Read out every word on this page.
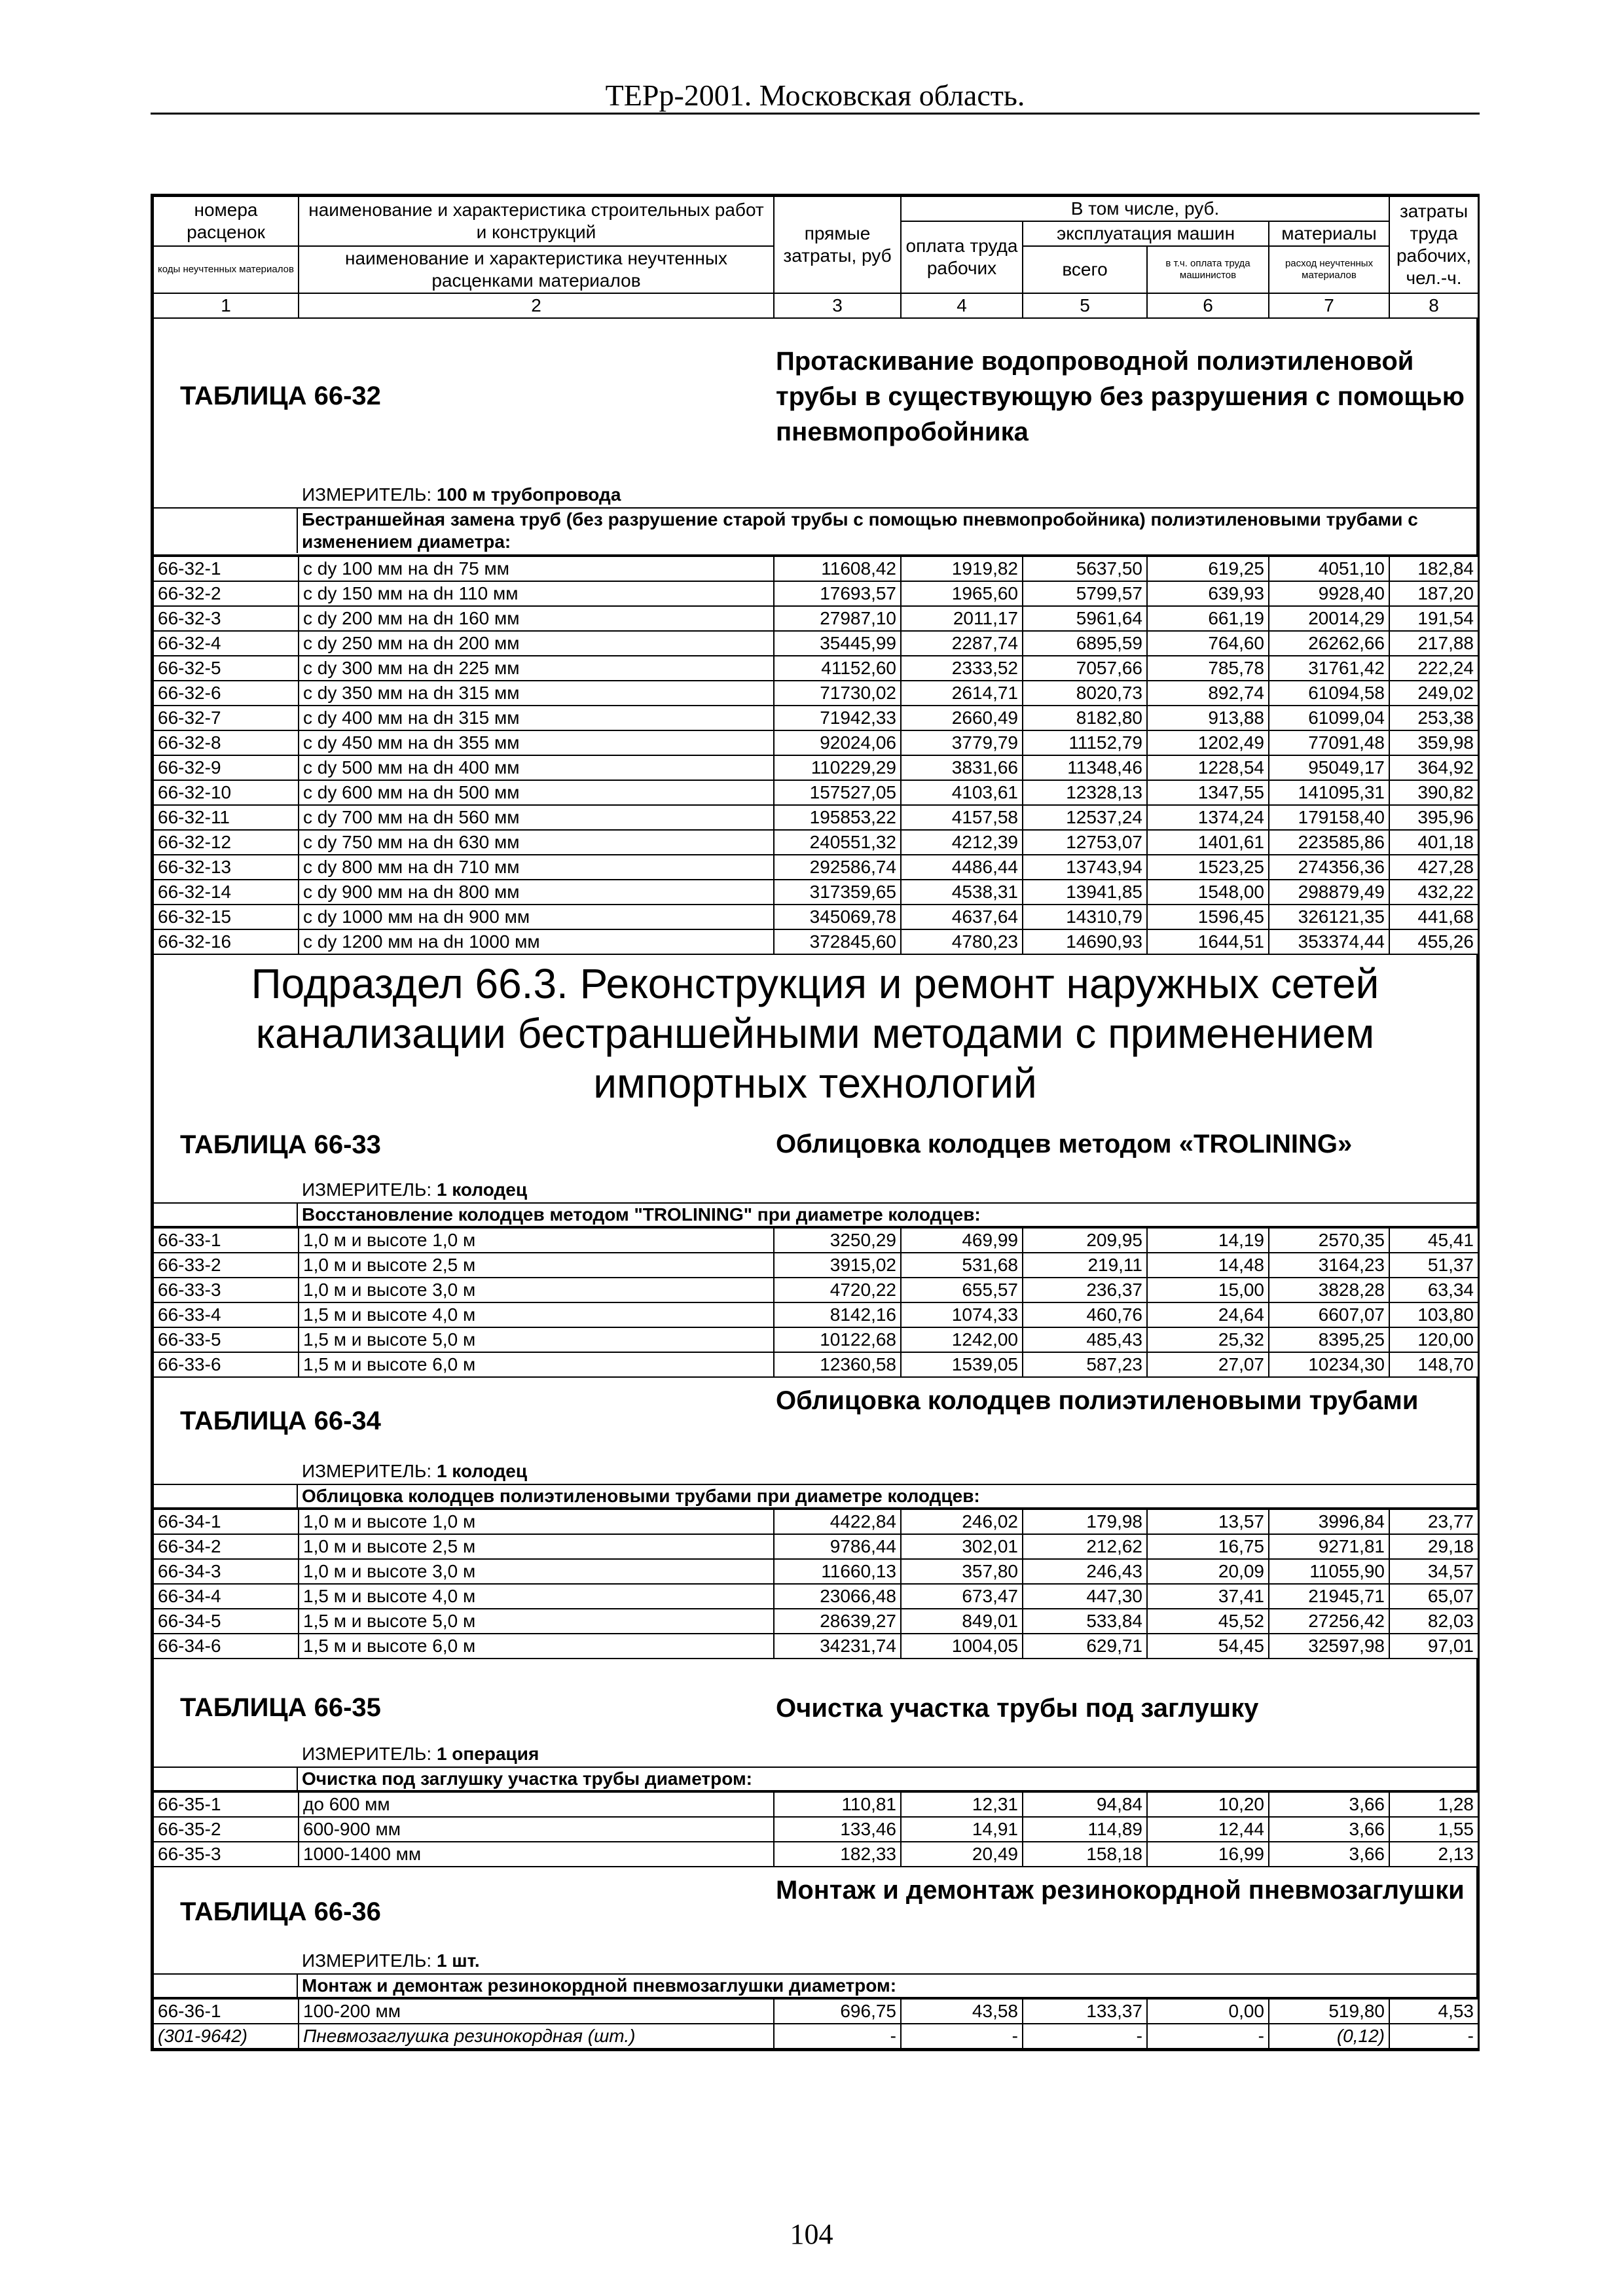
ТЕРр-2001. Московская область.
номера расценок	наименование и характеристика строительных работ и конструкций	прямые затраты, руб	В том числе, руб.				затраты труда рабочих, чел.-ч.
			оплата труда рабочих	эксплуатация машин		материалы	
коды неучтенных материалов	наименование и характеристика неучтенных расценками материалов			всего	в т.ч. оплата труда машинистов	расход неучтенных материалов	

1	2	3	4	5	6	7	8
ТАБЛИЦА 66-32
Протаскивание водопроводной полиэтиленовой трубы в существующую без разрушения с помощью пневмопробойника
ИЗМЕРИТЕЛЬ: 100 м трубопровода
Бестраншейная замена труб (без разрушение старой трубы с помощью пневмопробойника) полиэтиленовыми трубами с изменением диаметра:
66-32-1	с dy 100 мм на dн 75 мм	11608,42	1919,82	5637,50	619,25	4051,10	182,84
66-32-2	с dy 150 мм на dн 110 мм	17693,57	1965,60	5799,57	639,93	9928,40	187,20
66-32-3	с dy 200 мм на dн 160 мм	27987,10	2011,17	5961,64	661,19	20014,29	191,54
66-32-4	с dy 250 мм на dн 200 мм	35445,99	2287,74	6895,59	764,60	26262,66	217,88
66-32-5	с dy 300 мм на dн 225 мм	41152,60	2333,52	7057,66	785,78	31761,42	222,24
66-32-6	с dy 350 мм на dн 315 мм	71730,02	2614,71	8020,73	892,74	61094,58	249,02
66-32-7	с dy 400 мм на dн 315 мм	71942,33	2660,49	8182,80	913,88	61099,04	253,38
66-32-8	с dy 450 мм на dн 355 мм	92024,06	3779,79	11152,79	1202,49	77091,48	359,98
66-32-9	с dy 500 мм на dн 400 мм	110229,29	3831,66	11348,46	1228,54	95049,17	364,92
66-32-10	с dy 600 мм на dн 500 мм	157527,05	4103,61	12328,13	1347,55	141095,31	390,82
66-32-11	с dy 700 мм на dн 560 мм	195853,22	4157,58	12537,24	1374,24	179158,40	395,96
66-32-12	с dy 750 мм на dн 630 мм	240551,32	4212,39	12753,07	1401,61	223585,86	401,18
66-32-13	с dy 800 мм на dн 710 мм	292586,74	4486,44	13743,94	1523,25	274356,36	427,28
66-32-14	с dy 900 мм на dн 800 мм	317359,65	4538,31	13941,85	1548,00	298879,49	432,22
66-32-15	с dy 1000 мм на dн 900 мм	345069,78	4637,64	14310,79	1596,45	326121,35	441,68
66-32-16	с dy 1200 мм на dн 1000 мм	372845,60	4780,23	14690,93	1644,51	353374,44	455,26
Подраздел 66.3. Реконструкция и ремонт наружных сетей канализации бестраншейными методами с применением импортных технологий
ТАБЛИЦА 66-33	Облицовка колодцев методом «TROLINING»
ИЗМЕРИТЕЛЬ: 1 колодец
Восстановление колодцев методом "TROLINING" при диаметре колодцев:
66-33-1	1,0 м и высоте 1,0 м	3250,29	469,99	209,95	14,19	2570,35	45,41
66-33-2	1,0 м и высоте 2,5 м	3915,02	531,68	219,11	14,48	3164,23	51,37
66-33-3	1,0 м и высоте 3,0 м	4720,22	655,57	236,37	15,00	3828,28	63,34
66-33-4	1,5 м и высоте 4,0 м	8142,16	1074,33	460,76	24,64	6607,07	103,80
66-33-5	1,5 м и высоте 5,0 м	10122,68	1242,00	485,43	25,32	8395,25	120,00
66-33-6	1,5 м и высоте 6,0 м	12360,58	1539,05	587,23	27,07	10234,30	148,70
ТАБЛИЦА 66-34
Облицовка колодцев полиэтиленовыми трубами
ИЗМЕРИТЕЛЬ: 1 колодец
Облицовка колодцев полиэтиленовыми трубами при диаметре колодцев:
66-34-1	1,0 м и высоте 1,0 м	4422,84	246,02	179,98	13,57	3996,84	23,77
66-34-2	1,0 м и высоте 2,5 м	9786,44	302,01	212,62	16,75	9271,81	29,18
66-34-3	1,0 м и высоте 3,0 м	11660,13	357,80	246,43	20,09	11055,90	34,57
66-34-4	1,5 м и высоте 4,0 м	23066,48	673,47	447,30	37,41	21945,71	65,07
66-34-5	1,5 м и высоте 5,0 м	28639,27	849,01	533,84	45,52	27256,42	82,03
66-34-6	1,5 м и высоте 6,0 м	34231,74	1004,05	629,71	54,45	32597,98	97,01
ТАБЛИЦА 66-35	Очистка участка трубы под заглушку
ИЗМЕРИТЕЛЬ: 1 операция
Очистка под заглушку участка трубы диаметром:
66-35-1	до 600 мм	110,81	12,31	94,84	10,20	3,66	1,28
66-35-2	600-900 мм	133,46	14,91	114,89	12,44	3,66	1,55
66-35-3	1000-1400 мм	182,33	20,49	158,18	16,99	3,66	2,13
ТАБЛИЦА 66-36
Монтаж и демонтаж резинокордной пневмозаглушки
ИЗМЕРИТЕЛЬ: 1 шт.
Монтаж и демонтаж резинокордной пневмозаглушки диаметром:
66-36-1	100-200 мм	696,75	43,58	133,37	0,00	519,80	4,53
(301-9642)	Пневмозаглушка резинокордная (шт.)	-	-	-	-	(0,12)	-
104
